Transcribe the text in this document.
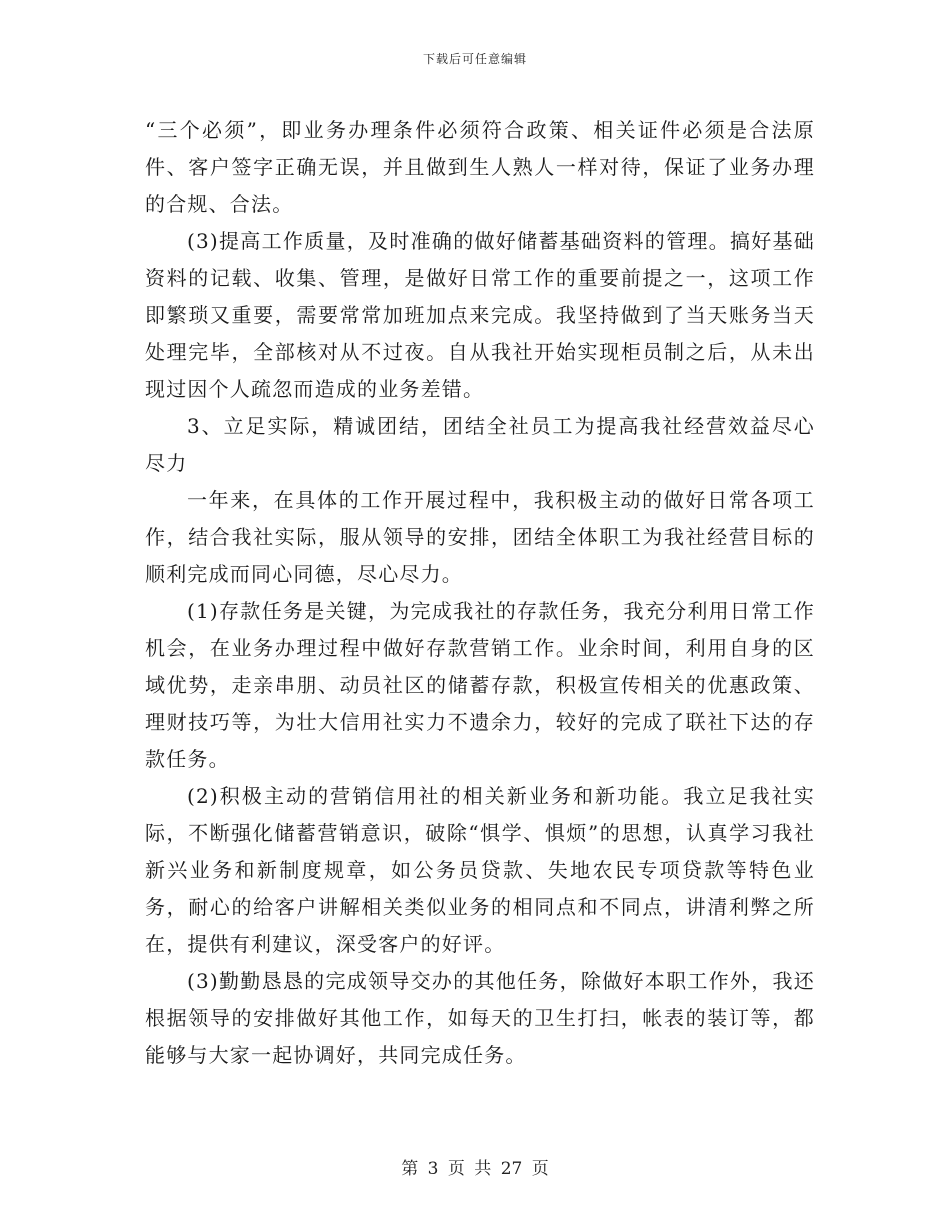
下载后可任意编辑

“三个必须”，即业务办理条件必须符合政策、相关证件必须是合法原件、客户签字正确无误，并且做到生人熟人一样对待，保证了业务办理的合规、合法。

(3)提高工作质量，及时准确的做好储蓄基础资料的管理。搞好基础资料的记载、收集、管理，是做好日常工作的重要前提之一，这项工作即繁琐又重要，需要常常加班加点来完成。我坚持做到了当天账务当天处理完毕，全部核对从不过夜。自从我社开始实现柜员制之后，从未出现过因个人疏忽而造成的业务差错。

3、立足实际，精诚团结，团结全社员工为提高我社经营效益尽心尽力

一年来，在具体的工作开展过程中，我积极主动的做好日常各项工作，结合我社实际，服从领导的安排，团结全体职工为我社经营目标的顺利完成而同心同德，尽心尽力。

(1)存款任务是关键，为完成我社的存款任务，我充分利用日常工作机会，在业务办理过程中做好存款营销工作。业余时间，利用自身的区域优势，走亲串朋、动员社区的储蓄存款，积极宣传相关的优惠政策、理财技巧等，为壮大信用社实力不遗余力，较好的完成了联社下达的存款任务。

(2)积极主动的营销信用社的相关新业务和新功能。我立足我社实际，不断强化储蓄营销意识，破除“惧学、惧烦”的思想，认真学习我社新兴业务和新制度规章，如公务员贷款、失地农民专项贷款等特色业务，耐心的给客户讲解相关类似业务的相同点和不同点，讲清利弊之所在，提供有利建议，深受客户的好评。

(3)勤勤恳恳的完成领导交办的其他任务，除做好本职工作外，我还根据领导的安排做好其他工作，如每天的卫生打扫，帐表的装订等，都能够与大家一起协调好，共同完成任务。

第 3 页 共 27 页
